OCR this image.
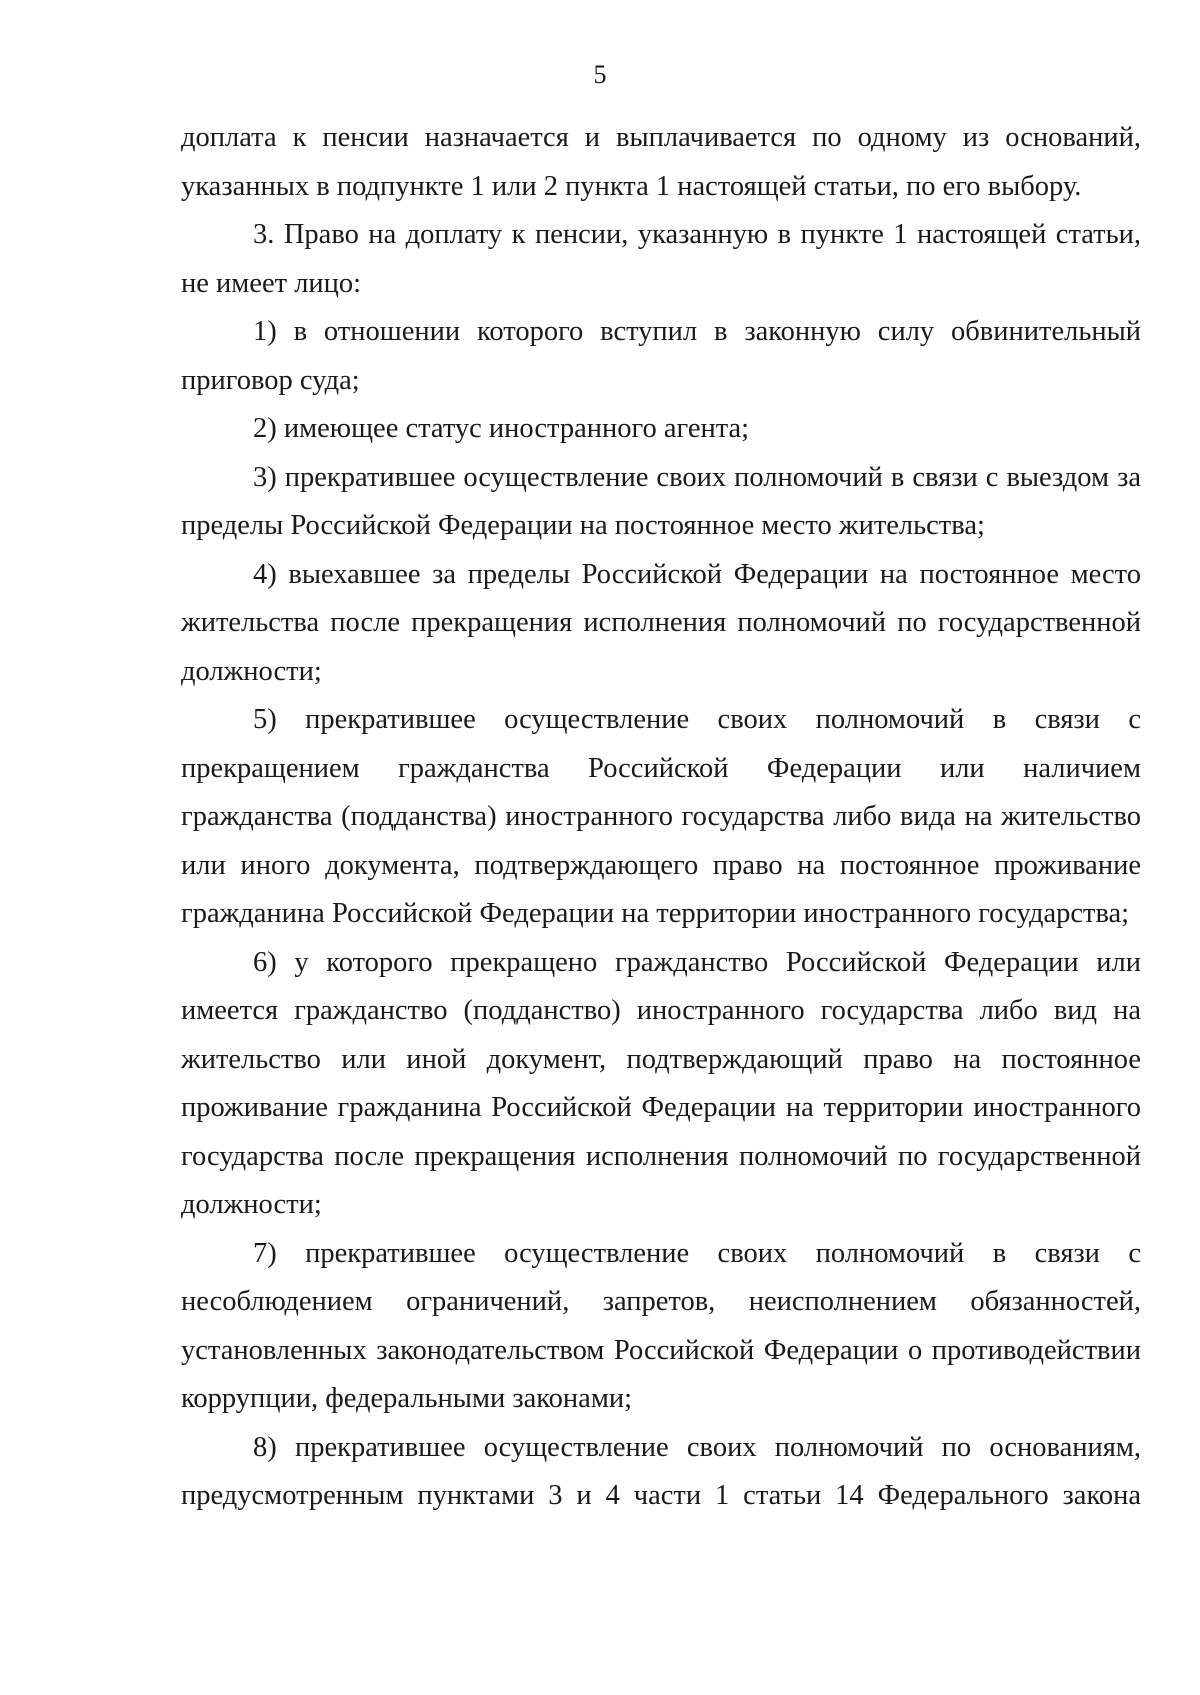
5

доплата к пенсии назначается и выплачивается по одному из оснований, указанных в подпункте 1 или 2 пункта 1 настоящей статьи, по его выбору.

3. Право на доплату к пенсии, указанную в пункте 1 настоящей статьи, не имеет лицо:

1) в отношении которого вступил в законную силу обвинительный приговор суда;

2) имеющее статус иностранного агента;

3) прекратившее осуществление своих полномочий в связи с выездом за пределы Российской Федерации на постоянное место жительства;

4) выехавшее за пределы Российской Федерации на постоянное место жительства после прекращения исполнения полномочий по государственной должности;

5) прекратившее осуществление своих полномочий в связи с прекращением гражданства Российской Федерации или наличием гражданства (подданства) иностранного государства либо вида на жительство или иного документа, подтверждающего право на постоянное проживание гражданина Российской Федерации на территории иностранного государства;

6) у которого прекращено гражданство Российской Федерации или имеется гражданство (подданство) иностранного государства либо вид на жительство или иной документ, подтверждающий право на постоянное проживание гражданина Российской Федерации на территории иностранного государства после прекращения исполнения полномочий по государственной должности;

7) прекратившее осуществление своих полномочий в связи с несоблюдением ограничений, запретов, неисполнением обязанностей, установленных законодательством Российской Федерации о противодействии коррупции, федеральными законами;

8) прекратившее осуществление своих полномочий по основаниям, предусмотренным пунктами 3 и 4 части 1 статьи 14 Федерального закона
